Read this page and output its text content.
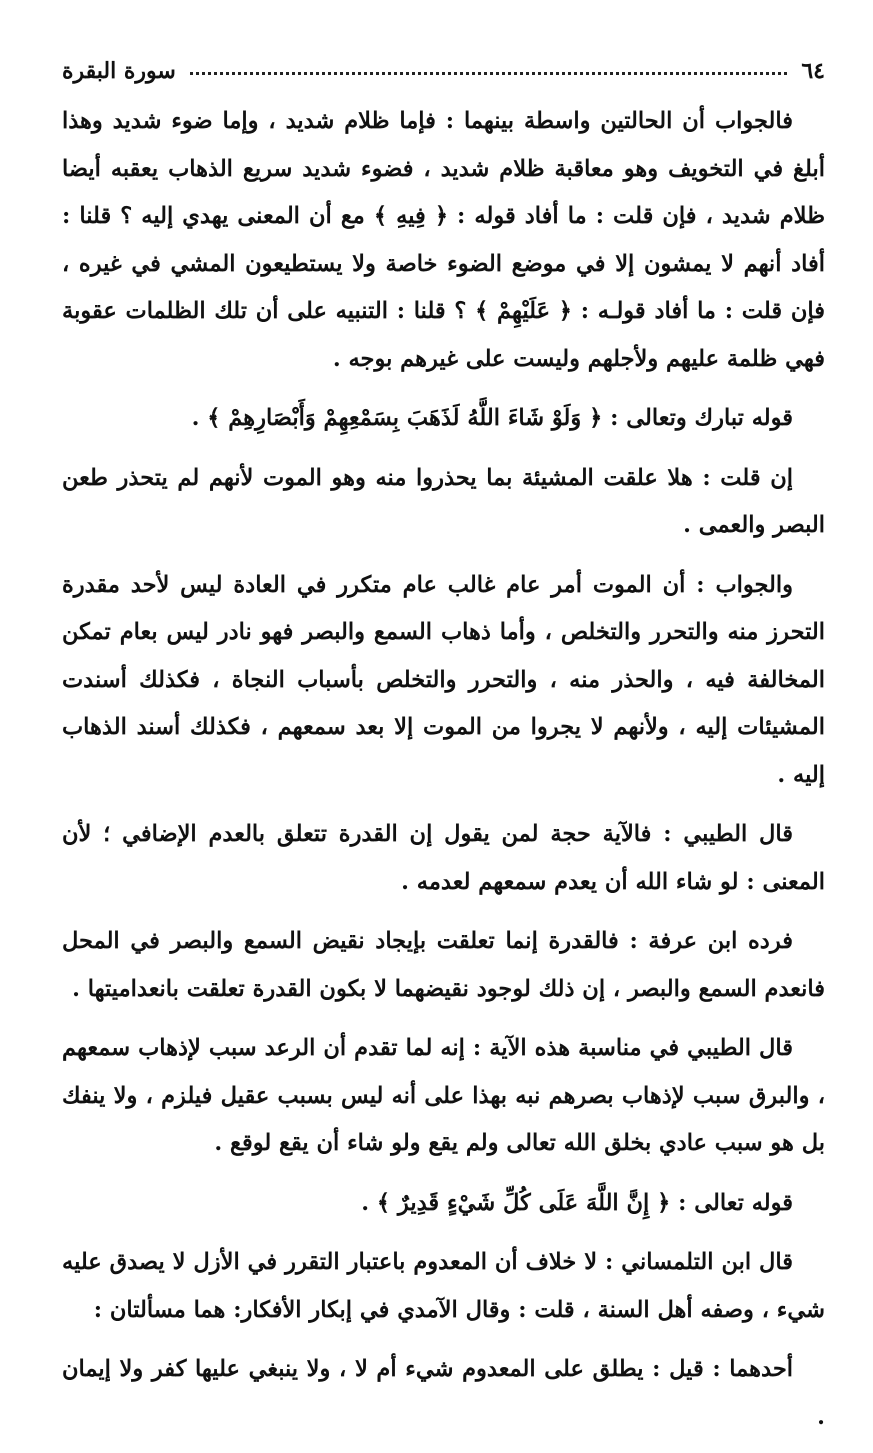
٦٤
سورة البقرة

فالجواب أن الحالتين واسطة بينهما : فإما ظلام شديد ، وإما ضوء شديد وهذا أبلغ في التخويف وهو معاقبة ظلام شديد ، فضوء شديد سريع الذهاب يعقبه أيضا ظلام شديد ، فإن قلت : ما أفاد قوله : ﴿ فِيهِ ﴾ مع أن المعنى يهدي إليه ؟ قلنا : أفاد أنهم لا يمشون إلا في موضع الضوء خاصة ولا يستطيعون المشي في غيره ، فإن قلت : ما أفاد قولـه : ﴿ عَلَيْهِمْ ﴾ ؟ قلنا : التنبيه على أن تلك الظلمات عقوبة فهي ظلمة عليهم ولأجلهم وليست على غيرهم بوجه .

قوله تبارك وتعالى : ﴿ وَلَوْ شَاءَ اللَّهُ لَذَهَبَ بِسَمْعِهِمْ وَأَبْصَارِهِمْ ﴾ .

إن قلت : هلا علقت المشيئة بما يحذروا منه وهو الموت لأنهم لم يتحذر طعن البصر والعمى .

والجواب : أن الموت أمر عام غالب عام متكرر في العادة ليس لأحد مقدرة التحرز منه والتحرر والتخلص ، وأما ذهاب السمع والبصر فهو نادر ليس بعام تمكن المخالفة فيه ، والحذر منه ، والتحرر والتخلص بأسباب النجاة ، فكذلك أسندت المشيئات إليه ، ولأنهم لا يجروا من الموت إلا بعد سمعهم ، فكذلك أسند الذهاب إليه .

قال الطيبي : فالآية حجة لمن يقول إن القدرة تتعلق بالعدم الإضافي ؛ لأن المعنى : لو شاء الله أن يعدم سمعهم لعدمه .

فرده ابن عرفة : فالقدرة إنما تعلقت بإيجاد نقيض السمع والبصر في المحل فانعدم السمع والبصر ، إن ذلك لوجود نقيضهما لا بكون القدرة تعلقت بانعداميتها .

قال الطيبي في مناسبة هذه الآية : إنه لما تقدم أن الرعد سبب لإذهاب سمعهم ، والبرق سبب لإذهاب بصرهم نبه بهذا على أنه ليس بسبب عقيل فيلزم ، ولا ينفك بل هو سبب عادي بخلق الله تعالى ولم يقع ولو شاء أن يقع لوقع .

قوله تعالى : ﴿ إِنَّ اللَّهَ عَلَى كُلِّ شَيْءٍ قَدِيرٌ ﴾ .

قال ابن التلمساني : لا خلاف أن المعدوم باعتبار التقرر في الأزل لا يصدق عليه شيء ، وصفه أهل السنة ، قلت : وقال الآمدي في إبكار الأفكار: هما مسألتان :

أحدهما : قيل : يطلق على المعدوم شيء أم لا ، ولا ينبغي عليها كفر ولا إيمان .
